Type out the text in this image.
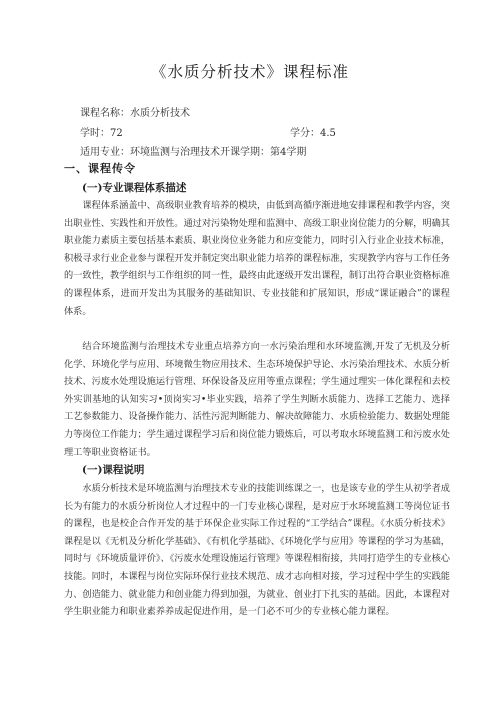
《水质分析技术》课程标准
课程名称：水质分析技术
学时：72	学分：4.5
适用专业：环境监测与治理技术开课学期：第4学期
一、课程传令
(一)专业课程体系描述
课程体系涵盖中、高级职业教育培养的模块，由低到高循序渐进地安排课程和教学内容，突出职业性、实践性和开放性。通过对污染物处理和监测中、高级工职业岗位能力的分解，明确其职业能力素质主要包括基本素质、职业岗位业务能力和应变能力，同时引入行业企业技术标准，积极寻求行业企业参与课程开发并制定突出职业能力培养的课程标准，实现教学内容与工作任务的一致性，教学组织与工作组织的同一性，最终由此逐级开发出课程，制订出符合职业资格标准的课程体系，进而开发出为其服务的基础知识、专业技能和扩展知识，形成“课证融合”的课程体系。
结合环境监测与治理技术专业重点培养方向一水污染治理和水环境监测,开发了无机及分析化学、环境化学与应用、环境微生物应用技术、生态环境保护导论、水污染治理技术、水质分析技术、污废水处理设施运行管理、环保设备及应用等重点课程；学生通过理实一体化课程和去校外实训基地的认知实习•顶岗实习•毕业实践，培养了学生判断水质能力、选择工艺能力、选择工艺参数能力、设备操作能力、活性污泥判断能力、解决故障能力、水质检验能力、数据处理能力等岗位工作能力；学生通过课程学习后和岗位能力锻炼后，可以考取水环境监测工和污废水处理工等职业资格证书。
(一)课程说明
水质分析技术是环境监测与治理技术专业的技能训练课之一，也是该专业的学生从初学者成长为有能力的水质分析岗位人才过程中的一门专业核心课程，是对应于水环境监测工等岗位证书的课程，也是校企合作开发的基于环保企业实际工作过程的“工学结合”课程。《水质分析技术》课程是以《无机及分析化学基础》、《有机化学基础》、《环境化学与应用》等课程的学习为基础，同时与《环境质量评价》、《污废水处理设施运行管理》等课程相衔接，共同打造学生的专业核心技能。同时，本课程与岗位实际环保行业技术规范、成才志向相对接，学习过程中学生的实践能力、创造能力、就业能力和创业能力得到加强，为就业、创业打下扎实的基础。因此，本课程对学生职业能力和职业素养养成起促进作用，是一门必不可少的专业核心能力课程。
